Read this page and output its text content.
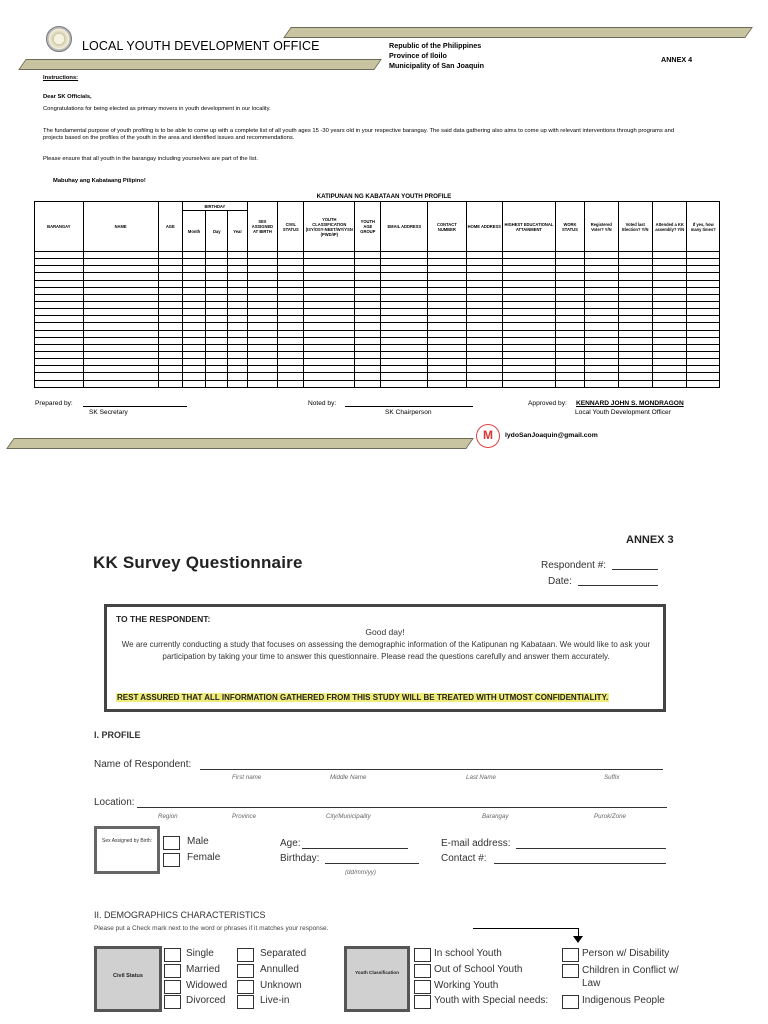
LOCAL YOUTH DEVELOPMENT OFFICE	Republic of the Philippines
Province of Iloilo
Municipality of San Joaquin
ANNEX 4
Instructions:
Dear SK Officials,
Congratulations for being elected as primary movers in youth development in our locality.
The fundamental purpose of youth profiling is to be able to come up with a complete list of all youth ages 15 -30 years old in your respective barangay. The said data gathering also aims to come up with relevant interventions through programs and projects based on the profiles of the youth in the area and identified issues and recommendations.
Please ensure that all youth in the barangay including yourselves are part of the list.
Mabuhay ang Kabataang Pilipino!
KATIPUNAN NG KABATAAN YOUTH PROFILE
BARANGAY	NAME	AGE	BIRTHDAY			SEX ASSIGNED AT BIRTH	CIVIL STATUS	YOUTH CLASSIFICATION (ISY/OSY-NEET/WY/YSN (PWD/IP)	YOUTH AGE GROUP	EMAIL ADDRESS	CONTACT NUMBER	HOME ADDRESS	HIGHEST EDUCATIONAL ATTAINMENT	WORK STATUS	Registered Voter? Y/N	Voted last Election? Y/N	Attended a KK assembly? Y/N	If yes, how many times?
			Month	Day	Year													

Prepared by:
SK Secretary
Noted by:
SK Chairperson
Approved by: KENNARD JOHN S. MONDRAGON
Local Youth Development Officer
M	lydoSanJoaquin@gmail.com
ANNEX 3
KK Survey Questionnaire	Respondent #:
Date:
TO THE RESPONDENT:
Good day!
We are currently conducting a study that focuses on assessing the demographic information of the Katipunan ng Kabataan. We would like to ask your participation by taking your time to answer this questionnaire. Please read the questions carefully and answer them accurately.
REST ASSURED THAT ALL INFORMATION GATHERED FROM THIS STUDY WILL BE TREATED WITH UTMOST CONFIDENTIALITY.
I. PROFILE
Name of Respondent:
First name	Middle Name	Last Name	Suffix
Location:
Region	Province	City/Municipality	Barangay	Purok/Zone
Sex Assigned by Birth:	Male
Female
Age:
Birthday:
(dd/mm/yy)
E-mail address:
Contact #:
II. DEMOGRAPHICS CHARACTERISTICS
Please put a Check mark next to the word or phrases if it matches your response.
Civil Status
Single
Married
Widowed
Divorced
Separated
Annulled
Unknown
Live-in
Youth Classification
In school Youth
Out of School Youth
Working Youth
Youth with Special needs:
Person w/ Disability
Children in Conflict w/ Law
Indigenous People
